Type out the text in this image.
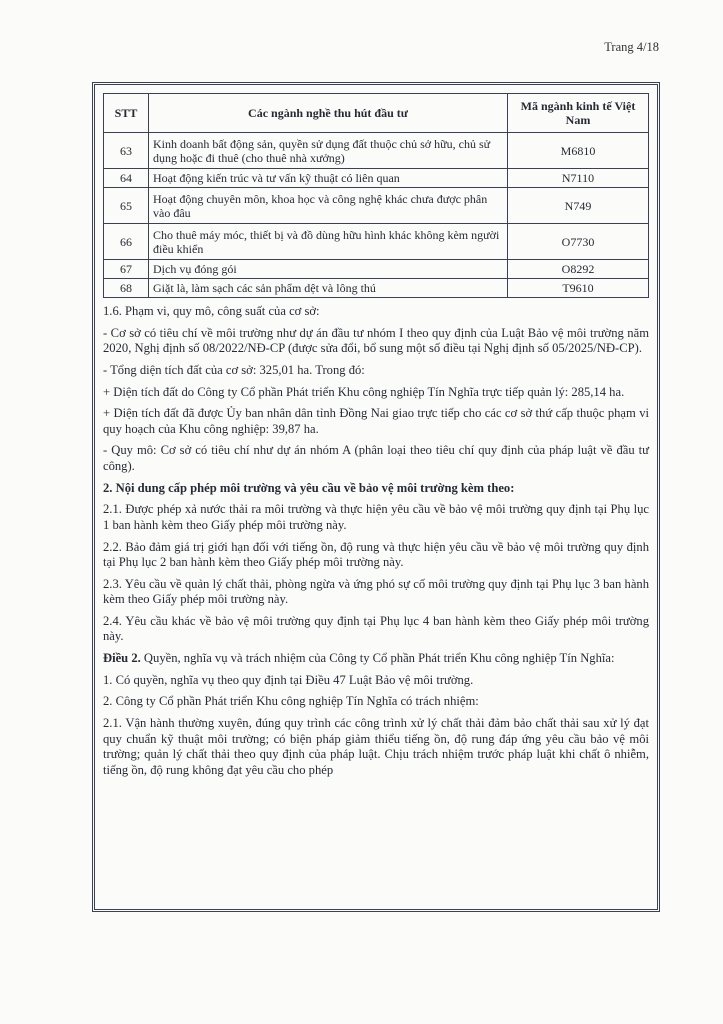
Trang 4/18
STT	Các ngành nghề thu hút đầu tư	Mã ngành kinh tế Việt Nam
63	Kinh doanh bất động sản, quyền sử dụng đất thuộc chủ sở hữu, chủ sử dụng hoặc đi thuê (cho thuê nhà xưởng)	M6810
64	Hoạt động kiến trúc và tư vấn kỹ thuật có liên quan	N7110
65	Hoạt động chuyên môn, khoa học và công nghệ khác chưa được phân vào đâu	N749
66	Cho thuê máy móc, thiết bị và đồ dùng hữu hình khác không kèm người điều khiển	O7730
67	Dịch vụ đóng gói	O8292
68	Giặt là, làm sạch các sản phẩm dệt và lông thú	T9610

1.6. Phạm vi, quy mô, công suất của cơ sở:

- Cơ sở có tiêu chí về môi trường như dự án đầu tư nhóm I theo quy định của Luật Bảo vệ môi trường năm 2020, Nghị định số 08/2022/NĐ-CP (được sửa đổi, bổ sung một số điều tại Nghị định số 05/2025/NĐ-CP).

- Tổng diện tích đất của cơ sở: 325,01 ha. Trong đó:

+ Diện tích đất do Công ty Cổ phần Phát triển Khu công nghiệp Tín Nghĩa trực tiếp quản lý: 285,14 ha.

+ Diện tích đất đã được Ủy ban nhân dân tỉnh Đồng Nai giao trực tiếp cho các cơ sở thứ cấp thuộc phạm vi quy hoạch của Khu công nghiệp: 39,87 ha.

- Quy mô: Cơ sở có tiêu chí như dự án nhóm A (phân loại theo tiêu chí quy định của pháp luật về đầu tư công).

2. Nội dung cấp phép môi trường và yêu cầu về bảo vệ môi trường kèm theo:

2.1. Được phép xả nước thải ra môi trường và thực hiện yêu cầu về bảo vệ môi trường quy định tại Phụ lục 1 ban hành kèm theo Giấy phép môi trường này.

2.2. Bảo đảm giá trị giới hạn đối với tiếng ồn, độ rung và thực hiện yêu cầu về bảo vệ môi trường quy định tại Phụ lục 2 ban hành kèm theo Giấy phép môi trường này.

2.3. Yêu cầu về quản lý chất thải, phòng ngừa và ứng phó sự cố môi trường quy định tại Phụ lục 3 ban hành kèm theo Giấy phép môi trường này.

2.4. Yêu cầu khác về bảo vệ môi trường quy định tại Phụ lục 4 ban hành kèm theo Giấy phép môi trường này.

Điều 2. Quyền, nghĩa vụ và trách nhiệm của Công ty Cổ phần Phát triển Khu công nghiệp Tín Nghĩa:

1. Có quyền, nghĩa vụ theo quy định tại Điều 47 Luật Bảo vệ môi trường.

2. Công ty Cổ phần Phát triển Khu công nghiệp Tín Nghĩa có trách nhiệm:

2.1. Vận hành thường xuyên, đúng quy trình các công trình xử lý chất thải đảm bảo chất thải sau xử lý đạt quy chuẩn kỹ thuật môi trường; có biện pháp giảm thiểu tiếng ồn, độ rung đáp ứng yêu cầu bảo vệ môi trường; quản lý chất thải theo quy định của pháp luật. Chịu trách nhiệm trước pháp luật khi chất ô nhiễm, tiếng ồn, độ rung không đạt yêu cầu cho phép
